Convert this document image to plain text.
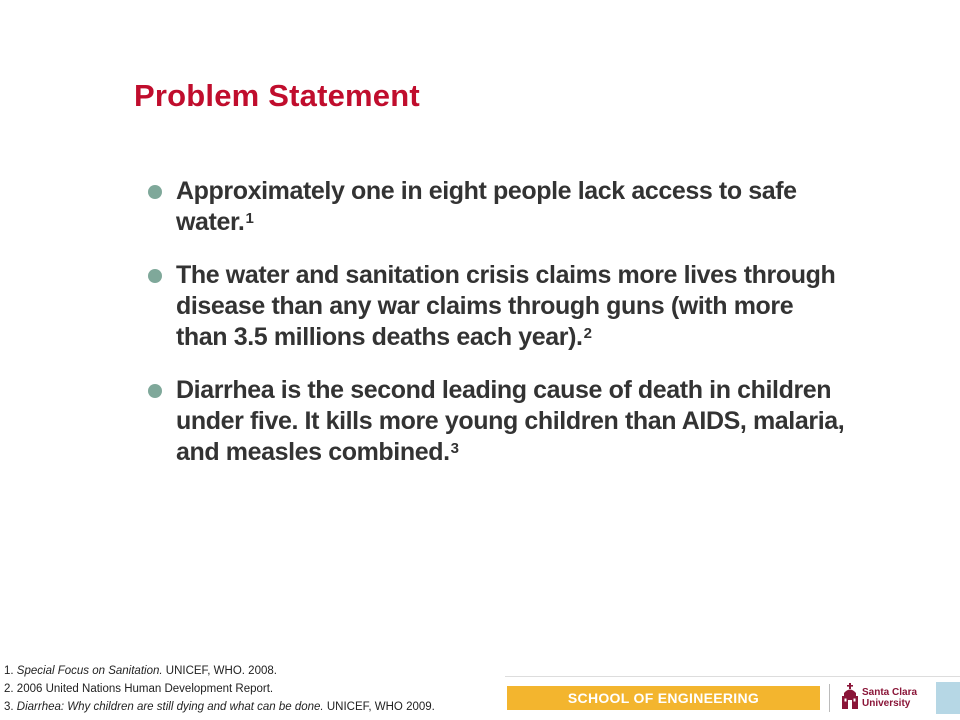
Problem Statement
Approximately one in eight people lack access to safe water.$^1$
The water and sanitation crisis claims more lives through disease than any war claims through guns (with more than 3.5 millions deaths each year).$^2$
Diarrhea is the second leading cause of death in children under five. It kills more young children than AIDS, malaria, and measles combined.$^3$
1. Special Focus on Sanitation. UNICEF, WHO. 2008.
2. 2006 United Nations Human Development Report.
3. Diarrhea: Why children are still dying and what can be done. UNICEF, WHO 2009.
SCHOOL OF ENGINEERING	Santa Clara
University
